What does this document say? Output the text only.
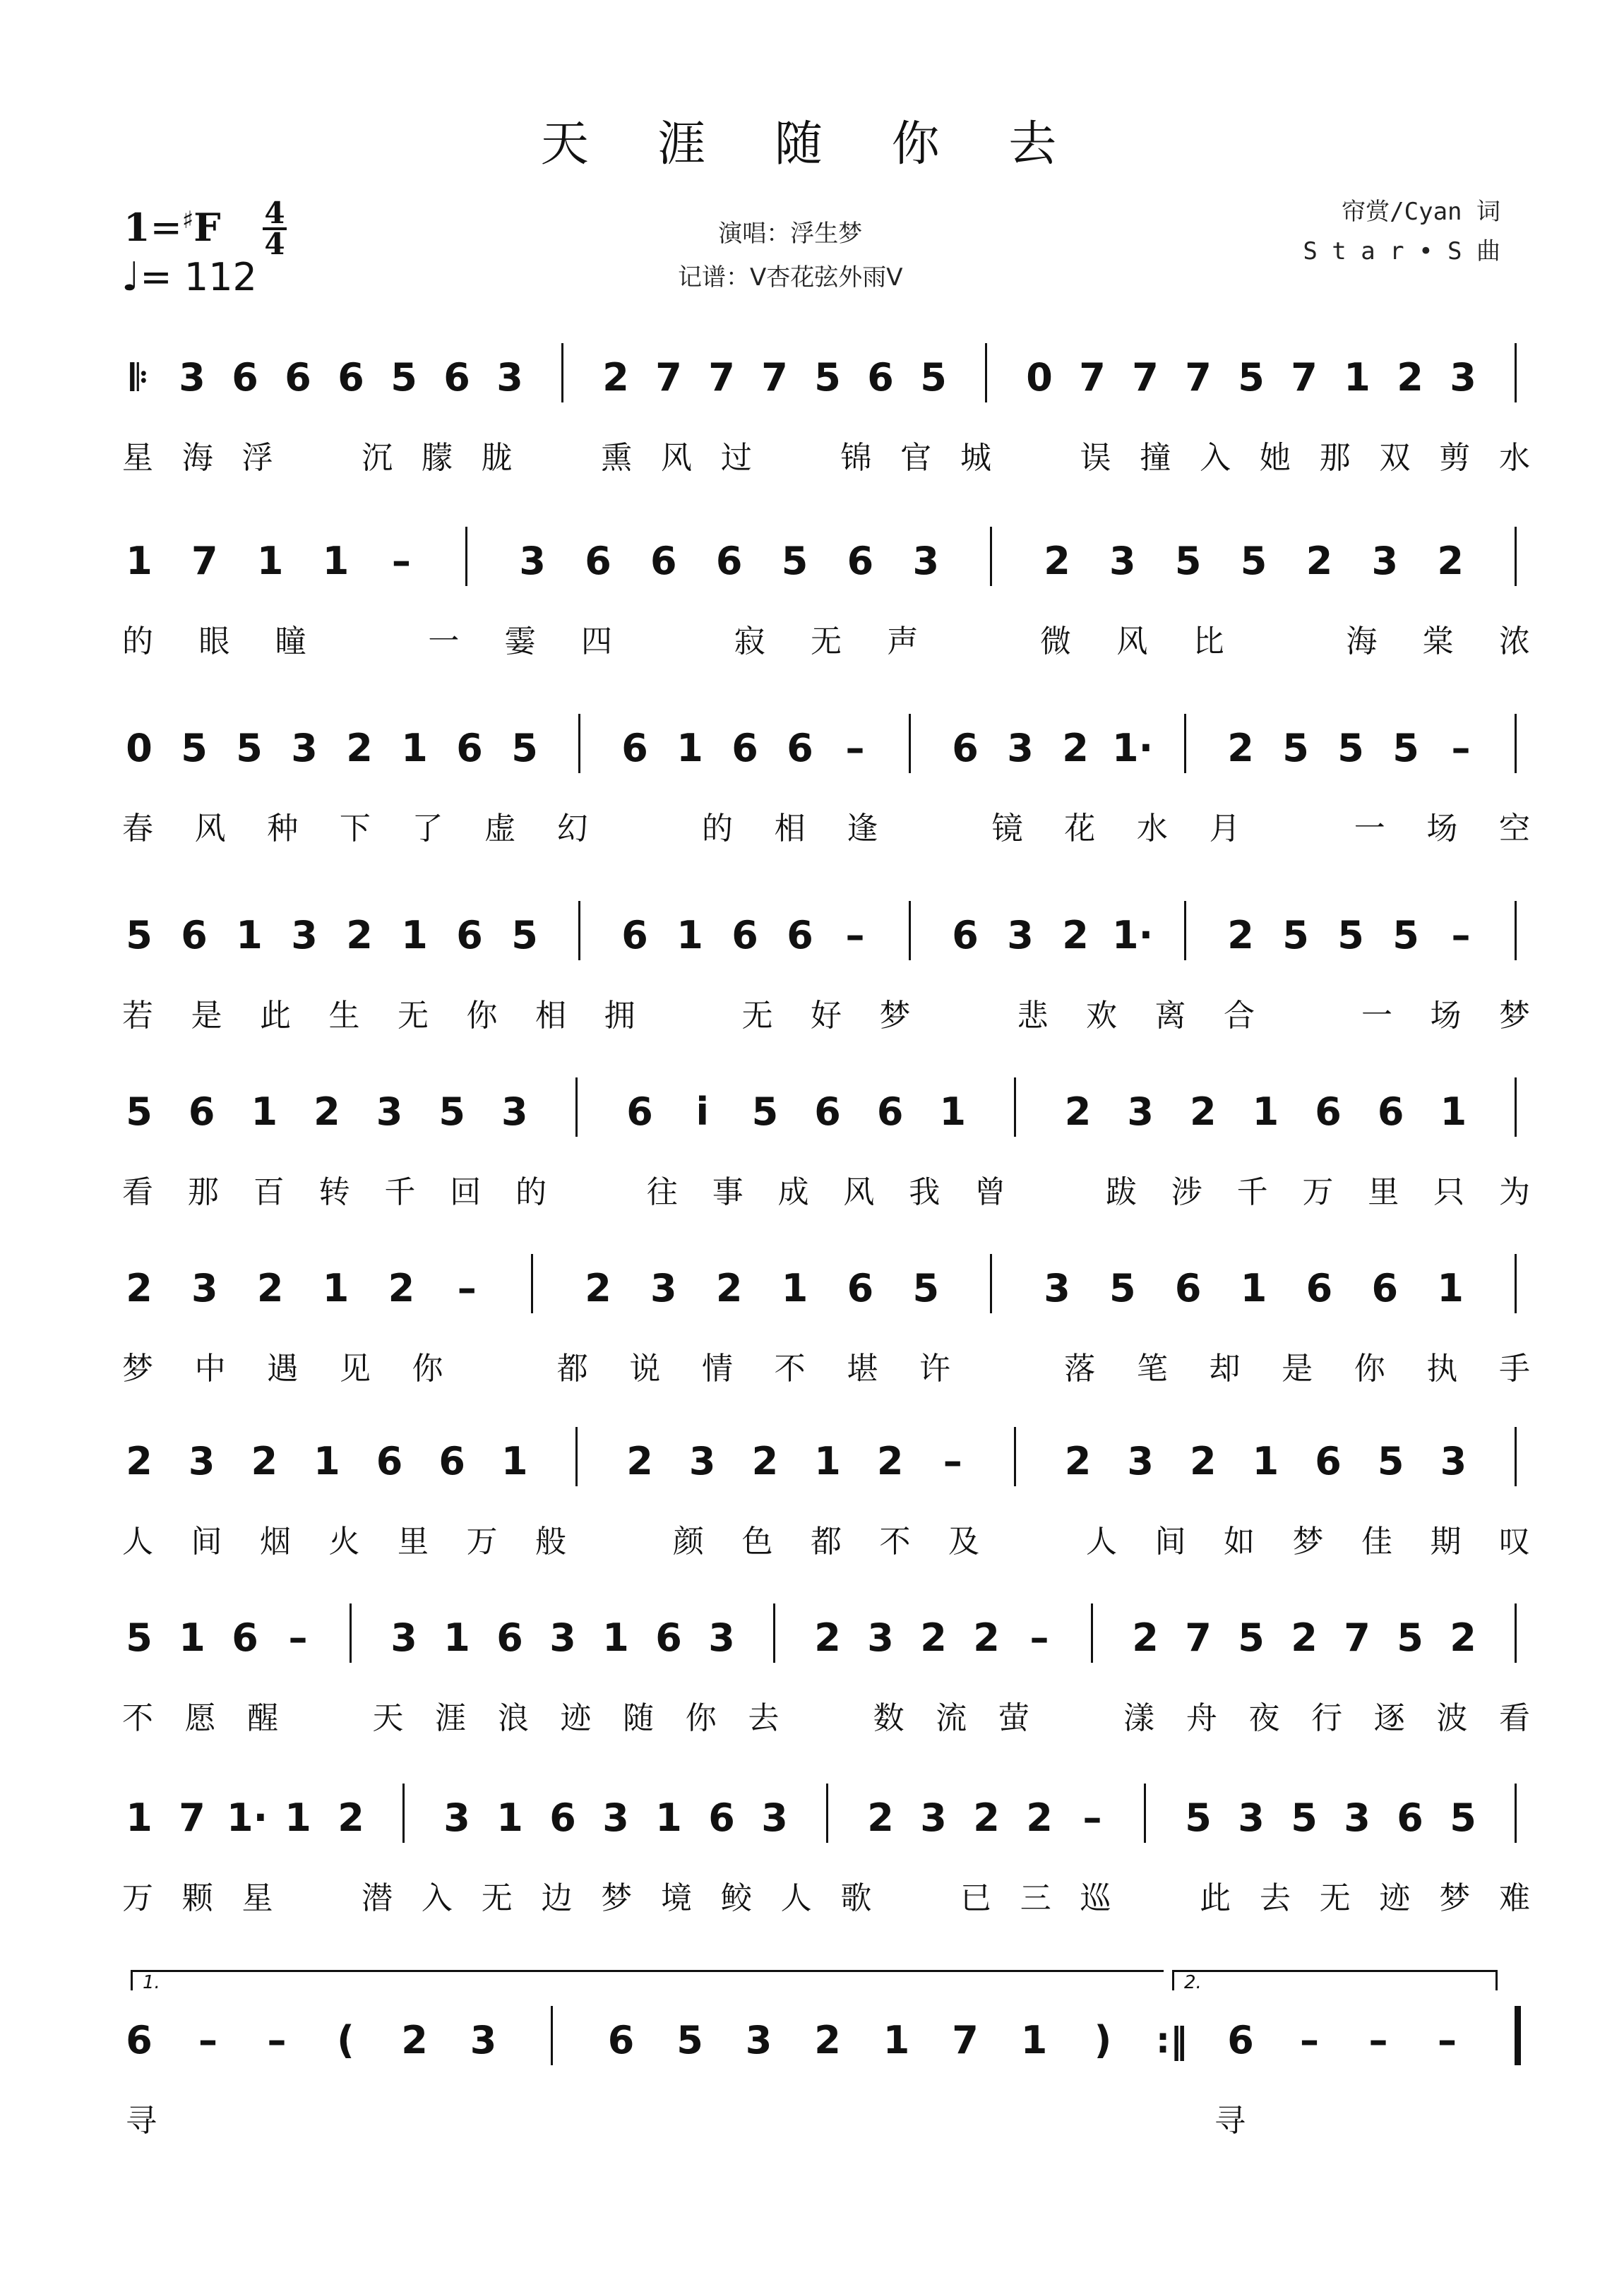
天 涯 随 你 去
1=♯F 4
4
♩= 112
演唱：浮生梦
记谱：V杏花弦外雨V
帘赏/Cyan 词
S t a r • S 曲
𝄆 3 6 6 6 5 6 3 2 7 7 7 5 6 5 0 7 7 7 5 7 1 2 3
星 海 浮	沉 朦 胧	熏 风 过	锦 官 城	误 撞 入 她 那 双 剪 水
1 7 1 1 –	3 6 6 6 5 6 3	2 3 5 5 2 3 2
的 眼 瞳	一 霎 四	寂 无 声	微 风 比	海 棠 浓
0 5 5 3 2 1 6 5 6 1 6 6 – 6 3 2 1· 2 5 5 5 –
春 风 种 下 了 虚 幻	的 相 逢	镜 花 水 月	一 场 空
5 6 1 3 2 1 6 5 6 1 6 6 – 6 3 2 1· 2 5 5 5 –
若 是 此 生 无 你 相 拥	无 好 梦	悲 欢 离 合	一 场 梦
5 6 1 2 3 5 3	6	i	5 6 6 1	2 3 2 1 6 6 1
看 那 百 转 千 回 的	往 事 成 风 我 曾	跋 涉 千 万 里 只 为
2 3 2 1 2 –	2 3 2 1 6 5	3 5 6 1 6 6 1
梦 中 遇 见 你	都 说 情 不 堪 许	落 笔 却 是 你 执 手
2 3 2 1 6 6 1	2 3 2 1 2 –	2 3 2 1 6 5 3
人 间 烟 火 里 万 般	颜 色 都 不 及	人 间 如 梦 佳 期 叹
5 1 6 – 3 1 6 3 1 6 3 2 3 2 2 – 2 7 5 2 7 5 2
不 愿 醒	天 涯 浪 迹 随 你 去	数 流 萤	漾 舟 夜 行 逐 波 看
1 7 1· 1 2 3 1 6 3 1 6 3 2 3 2 2 – 5 3 5 3 6 5
万 颗 星	潜 入 无 边 梦 境 鲛 人 歌	已 三 巡	此 去 无 迹 梦 难
6 – – ( 2 3	6 5 3 2 1 7 1 ) :‖ 6 – – –
寻	寻
1.	2.
